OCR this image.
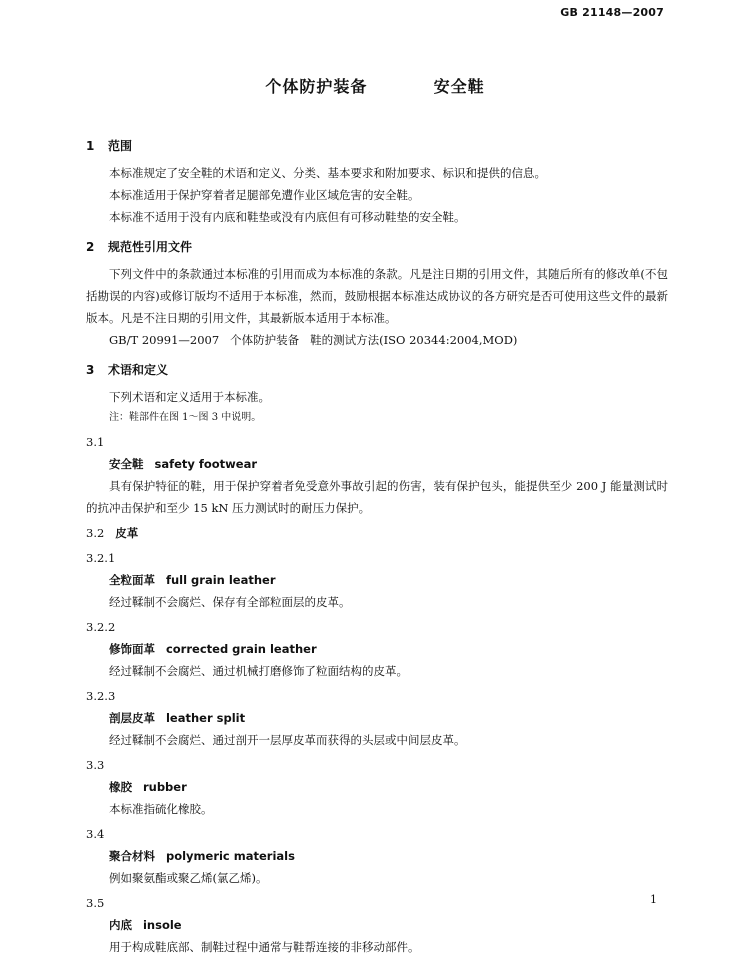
GB 21148—2007
个体防护装备    安全鞋
1 范围
本标准规定了安全鞋的术语和定义、分类、基本要求和附加要求、标识和提供的信息。
本标准适用于保护穿着者足腿部免遭作业区域危害的安全鞋。
本标准不适用于没有内底和鞋垫或没有内底但有可移动鞋垫的安全鞋。
2 规范性引用文件
下列文件中的条款通过本标准的引用而成为本标准的条款。凡是注日期的引用文件，其随后所有的修改单(不包括勘误的内容)或修订版均不适用于本标准，然而，鼓励根据本标准达成协议的各方研究是否可使用这些文件的最新版本。凡是不注日期的引用文件，其最新版本适用于本标准。
GB/T 20991—2007   个体防护装备   鞋的测试方法(ISO 20344:2004,MOD)
3 术语和定义
下列术语和定义适用于本标准。
注：鞋部件在图 1～图 3 中说明。
3.1
安全鞋 safety footwear
具有保护特征的鞋，用于保护穿着者免受意外事故引起的伤害，装有保护包头，能提供至少 200 J 能量测试时的抗冲击保护和至少 15 kN 压力测试时的耐压力保护。
3.2 皮革
3.2.1
全粒面革 full grain leather
经过鞣制不会腐烂、保存有全部粒面层的皮革。
3.2.2
修饰面革 corrected grain leather
经过鞣制不会腐烂、通过机械打磨修饰了粒面结构的皮革。
3.2.3
剖层皮革 leather split
经过鞣制不会腐烂、通过剖开一层厚皮革而获得的头层或中间层皮革。
3.3
橡胶 rubber
本标准指硫化橡胶。
3.4
聚合材料 polymeric materials
例如聚氨酯或聚乙烯(氯乙烯)。
3.5
内底 insole
用于构成鞋底部、制鞋过程中通常与鞋帮连接的非移动部件。
1
